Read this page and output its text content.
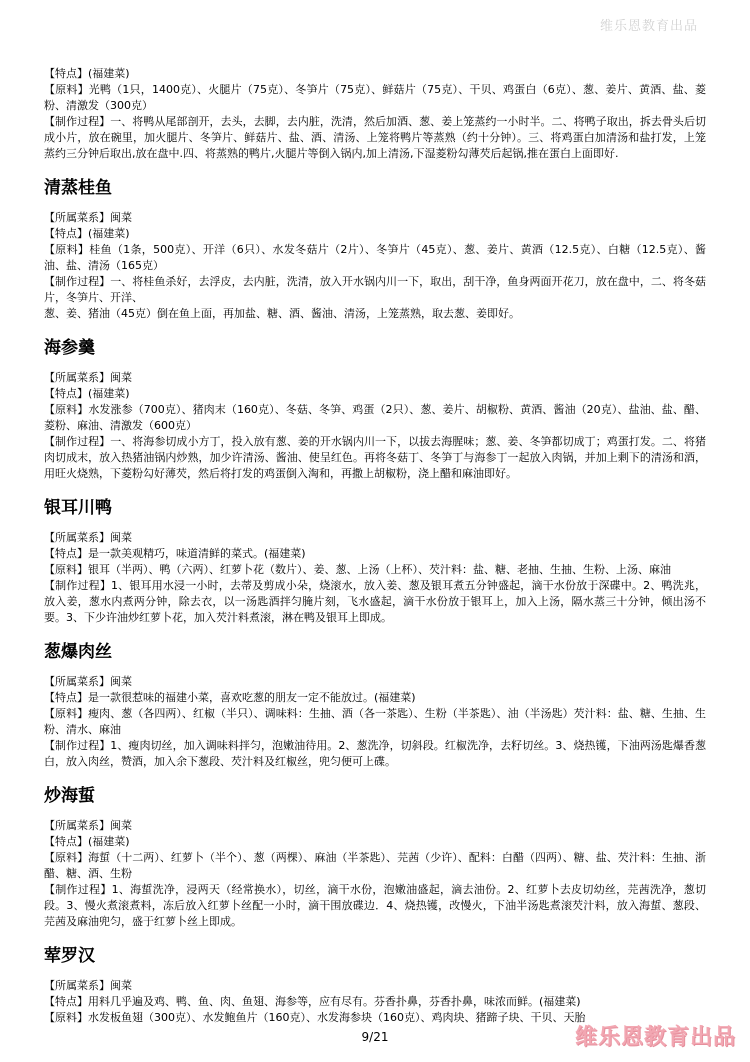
维乐恩教育出品

【特点】(福建菜)

【原料】光鸭（1只，1400克）、火腿片（75克）、冬笋片（75克）、鲜菇片（75克）、干贝、鸡蛋白（6克）、葱、姜片、黄酒、盐、菱粉、清激发（300克）

【制作过程】一、将鸭从尾部剖开，去头，去脚，去内脏，洗清，然后加酒、葱、姜上笼蒸约一小时半。二、将鸭子取出，拆去骨头后切成小片，放在碗里，加火腿片、冬笋片、鲜菇片、盐、酒、清汤、上笼将鸭片等蒸熟（约十分钟）。三、将鸡蛋白加清汤和盐打发，上笼蒸约三分钟后取出,放在盘中.四、将蒸熟的鸭片,火腿片等倒入锅内,加上清汤,下湿菱粉勾薄芡后起锅,推在蛋白上面即好.

清蒸桂鱼

【所属菜系】闽菜

【特点】(福建菜)

【原料】桂鱼（1条，500克）、开洋（6只）、水发冬菇片（2片）、冬笋片（45克）、葱、姜片、黄酒（12.5克）、白糖（12.5克）、酱油、盐、清汤（165克）

【制作过程】一、将桂鱼杀好，去浮皮，去内脏，洗清，放入开水锅内川一下，取出，刮干净，鱼身两面开花刀，放在盘中，二、将冬菇片，冬笋片、开洋、

葱、姜、猪油（45克）倒在鱼上面，再加盐、糖、酒、酱油、清汤，上笼蒸熟，取去葱、姜即好。

海参羹

【所属菜系】闽菜

【特点】(福建菜)

【原料】水发涨参（700克）、猪肉末（160克）、冬菇、冬笋、鸡蛋（2只）、葱、姜片、胡椒粉、黄酒、酱油（20克）、盐油、盐、醋、菱粉、麻油、清激发（600克）

【制作过程】一、将海参切成小方丁，投入放有葱、姜的开水锅内川一下，以拔去海腥味；葱、姜、冬笋都切成丁；鸡蛋打发。二、将猪肉切成末，放入热猪油锅内炒熟，加少许清汤、酱油、使呈红色。再将冬菇丁、冬笋丁与海参丁一起放入肉锅，并加上剩下的清汤和酒，用旺火烧熟，下菱粉勾好薄芡，然后将打发的鸡蛋倒入淘和，再撒上胡椒粉，浇上醋和麻油即好。

银耳川鸭

【所属菜系】闽菜

【特点】是一款美观精巧，味道清鲜的菜式。(福建菜)

【原料】银耳（半两）、鸭（六两）、红萝卜花（数片）、姜、葱、上汤（上杯）、芡汁料：盐、糖、老抽、生抽、生粉、上汤、麻油

【制作过程】1、银耳用水浸一小时，去蒂及剪成小朵，烧滚水，放入姜、葱及银耳煮五分钟盛起，滴干水份放于深碟中。2、鸭洗兆，放入姜，葱水内煮两分钟，除去衣，以一汤匙酒拌匀腌片刻，飞水盛起，滴干水份放于银耳上，加入上汤，隔水蒸三十分钟，倾出汤不要。3、下少许油炒红萝卜花，加入芡汁料煮滚，淋在鸭及银耳上即成。

葱爆肉丝

【所属菜系】闽菜

【特点】是一款很惹味的福建小菜，喜欢吃葱的朋友一定不能放过。(福建菜)

【原料】瘦肉、葱（各四两）、红椒（半只）、调味料：生抽、酒（各一茶匙）、生粉（半茶匙）、油（半汤匙）芡汁料：盐、糖、生抽、生粉、清水、麻油

【制作过程】1、瘦肉切丝，加入调味料拌匀，泡嫩油待用。2、葱洗净，切斜段。红椒洗净，去籽切丝。3、烧热镬，下油两汤匙爆香葱白，放入肉丝，赞酒，加入余下葱段、芡汁料及红椒丝，兜匀便可上碟。

炒海蜇

【所属菜系】闽菜

【特点】(福建菜)

【原料】海蜇（十二两）、红萝卜（半个）、葱（两棵）、麻油（半茶匙）、芫茜（少许）、配料：白醋（四两）、糖、盐、芡汁料：生抽、浙醋、糖、酒、生粉

【制作过程】1、海蜇洗净，浸两天（经常换水），切丝，滴干水份，泡嫩油盛起，滴去油份。2、红萝卜去皮切幼丝，芫茜洗净，葱切段。3、慢火煮滚煮料，冻后放入红萝卜丝配一小时，滴干围放碟边．4、烧热镬，改慢火，下油半汤匙煮滚芡汁料，放入海蜇、葱段、芫茜及麻油兜匀，盛于红萝卜丝上即成。

荤罗汉

【所属菜系】闽菜

【特点】用料几乎遍及鸡、鸭、鱼、肉、鱼翅、海参等，应有尽有。芬香扑鼻，芬香扑鼻，味浓而鲜。(福建菜)

【原料】水发板鱼翅（300克）、水发鲍鱼片（160克）、水发海参块（160克）、鸡肉块、猪蹄子块、干贝、天胎

9/21	维乐恩教育出品
